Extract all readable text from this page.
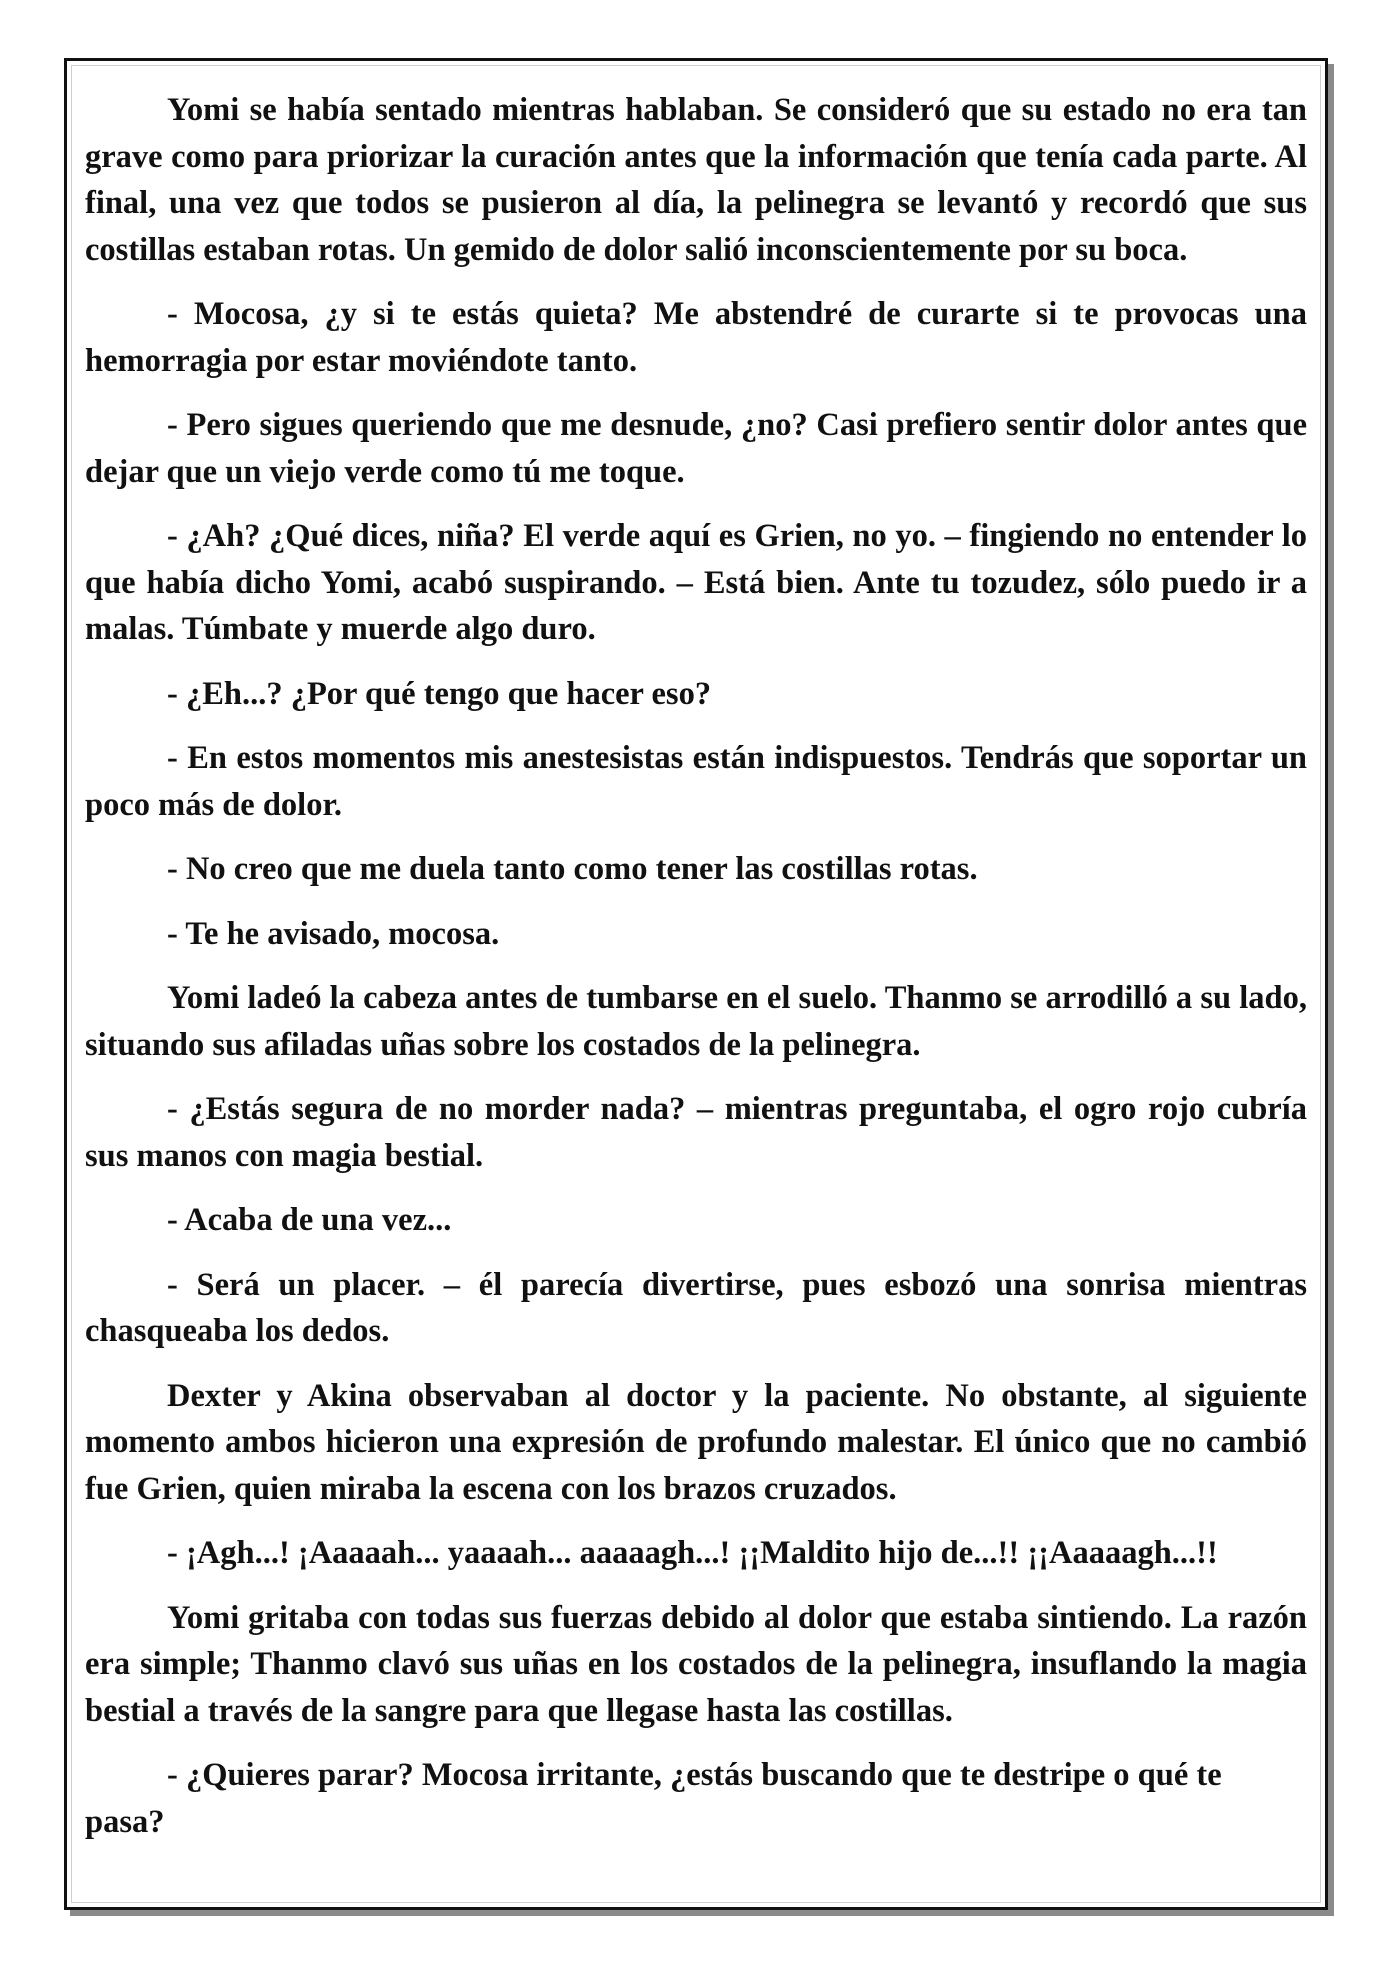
Yomi se había sentado mientras hablaban. Se consideró que su estado no era tan grave como para priorizar la curación antes que la información que tenía cada parte. Al final, una vez que todos se pusieron al día, la pelinegra se levantó y recordó que sus costillas estaban rotas. Un gemido de dolor salió inconscientemente por su boca.

- Mocosa, ¿y si te estás quieta? Me abstendré de curarte si te provocas una hemorragia por estar moviéndote tanto.

- Pero sigues queriendo que me desnude, ¿no? Casi prefiero sentir dolor antes que dejar que un viejo verde como tú me toque.

- ¿Ah? ¿Qué dices, niña? El verde aquí es Grien, no yo. – fingiendo no entender lo que había dicho Yomi, acabó suspirando. – Está bien. Ante tu tozudez, sólo puedo ir a malas. Túmbate y muerde algo duro.

- ¿Eh...? ¿Por qué tengo que hacer eso?

- En estos momentos mis anestesistas están indispuestos. Tendrás que soportar un poco más de dolor.

- No creo que me duela tanto como tener las costillas rotas.

- Te he avisado, mocosa.

Yomi ladeó la cabeza antes de tumbarse en el suelo. Thanmo se arrodilló a su lado, situando sus afiladas uñas sobre los costados de la pelinegra.

- ¿Estás segura de no morder nada? – mientras preguntaba, el ogro rojo cubría sus manos con magia bestial.

- Acaba de una vez...

- Será un placer. – él parecía divertirse, pues esbozó una sonrisa mientras chasqueaba los dedos.

Dexter y Akina observaban al doctor y la paciente. No obstante, al siguiente momento ambos hicieron una expresión de profundo malestar. El único que no cambió fue Grien, quien miraba la escena con los brazos cruzados.

- ¡Agh...! ¡Aaaaah... yaaaah... aaaaagh...! ¡¡Maldito hijo de...!! ¡¡Aaaaagh...!!

Yomi gritaba con todas sus fuerzas debido al dolor que estaba sintiendo. La razón era simple; Thanmo clavó sus uñas en los costados de la pelinegra, insuflando la magia bestial a través de la sangre para que llegase hasta las costillas.

- ¿Quieres parar? Mocosa irritante, ¿estás buscando que te destripe o qué te pasa?
